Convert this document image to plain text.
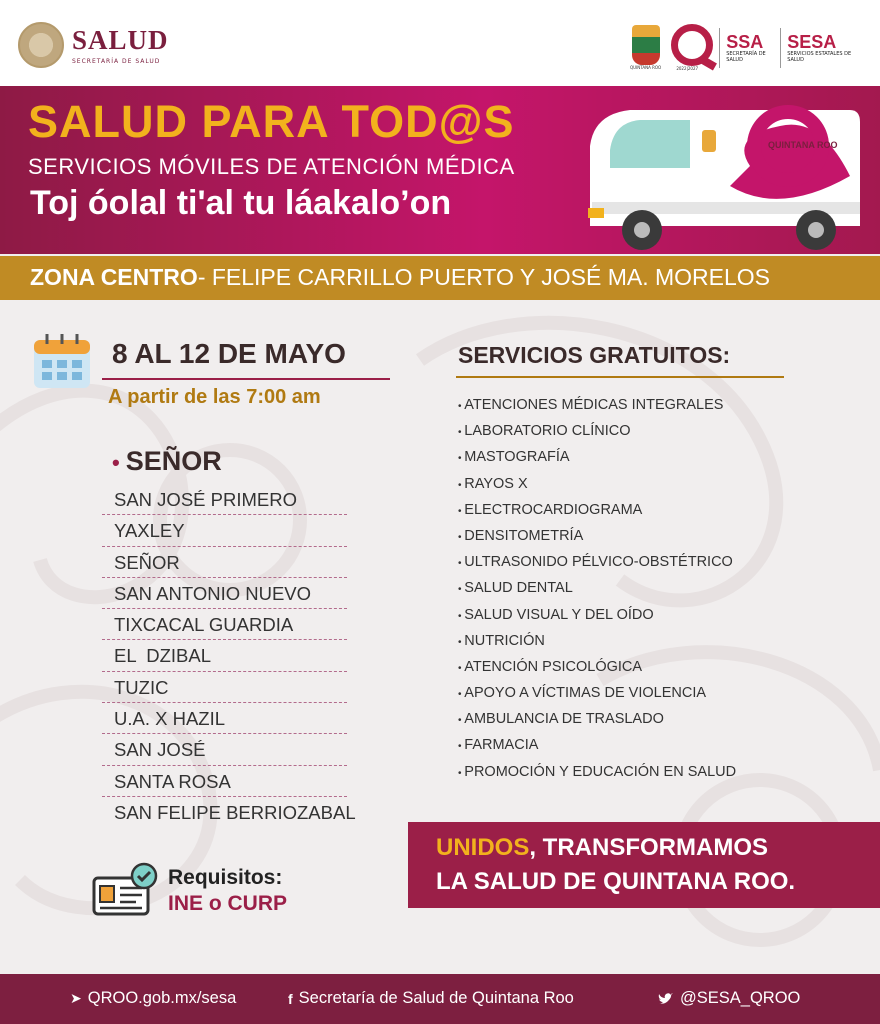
SALUD
SECRETARÍA DE SALUD
QUINTANA ROO	2022|2027
SSA
SECRETARÍA DE SALUD
SESA
SERVICIOS ESTATALES DE SALUD
SALUD PARA TOD@S
SERVICIOS MÓVILES DE ATENCIÓN MÉDICA
Toj óolal ti'al tu láakalo’on
QUINTANA ROO
ZONA CENTRO- FELIPE CARRILLO PUERTO Y JOSÉ MA. MORELOS
8 AL 12 DE MAYO
A partir de las 7:00 am
• SEÑOR
SAN JOSÉ PRIMERO
YAXLEY
SEÑOR
SAN ANTONIO NUEVO
TIXCACAL GUARDIA
EL  DZIBAL
TUZIC
U.A. X HAZIL
SAN JOSÉ
SANTA ROSA
SAN FELIPE BERRIOZABAL
Requisitos:
INE o CURP
SERVICIOS GRATUITOS:
• ATENCIONES MÉDICAS INTEGRALES
• LABORATORIO CLÍNICO
• MASTOGRAFÍA
• RAYOS X
• ELECTROCARDIOGRAMA
• DENSITOMETRÍA
• ULTRASONIDO PÉLVICO-OBSTÉTRICO
• SALUD DENTAL
• SALUD VISUAL Y DEL OÍDO
• NUTRICIÓN
• ATENCIÓN PSICOLÓGICA
• APOYO A VÍCTIMAS DE VIOLENCIA
• AMBULANCIA DE TRASLADO
• FARMACIA
• PROMOCIÓN Y EDUCACIÓN EN SALUD
UNIDOS, TRANSFORMAMOS
LA SALUD DE QUINTANA ROO.
➤ QROO.gob.mx/sesa	f Secretaría de Salud de Quintana Roo	@SESA_QROO
